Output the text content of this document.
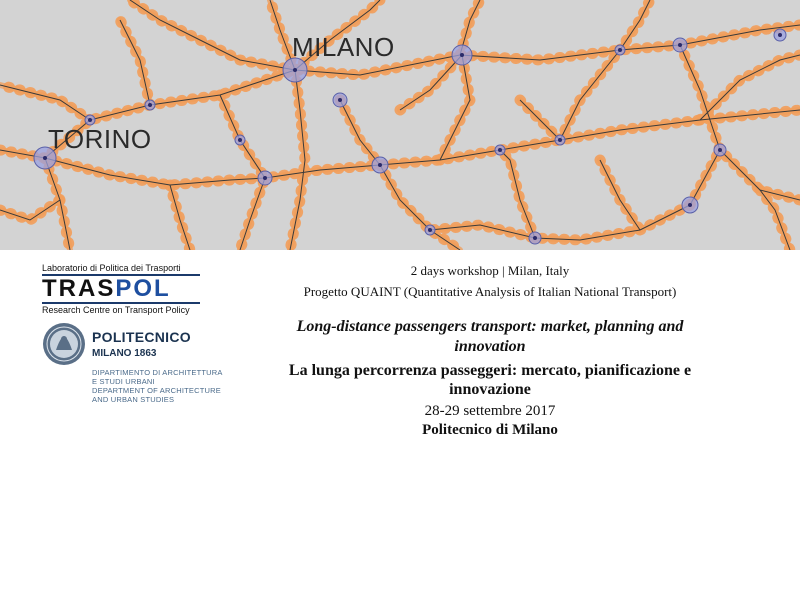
MILANO
TORINO
Laboratorio di Politica dei Trasporti
TRASPOL
Research Centre on Transport Policy
POLITECNICO
MILANO 1863
DIPARTIMENTO DI ARCHITETTURA
E STUDI URBANI
DEPARTMENT OF ARCHITECTURE
AND URBAN STUDIES
2 days workshop | Milan, Italy
Progetto QUAINT (Quantitative Analysis of Italian National Transport)
Long-distance passengers transport: market, planning and innovation
La lunga percorrenza passeggeri: mercato, pianificazione e innovazione
28-29 settembre 2017
Politecnico di Milano
